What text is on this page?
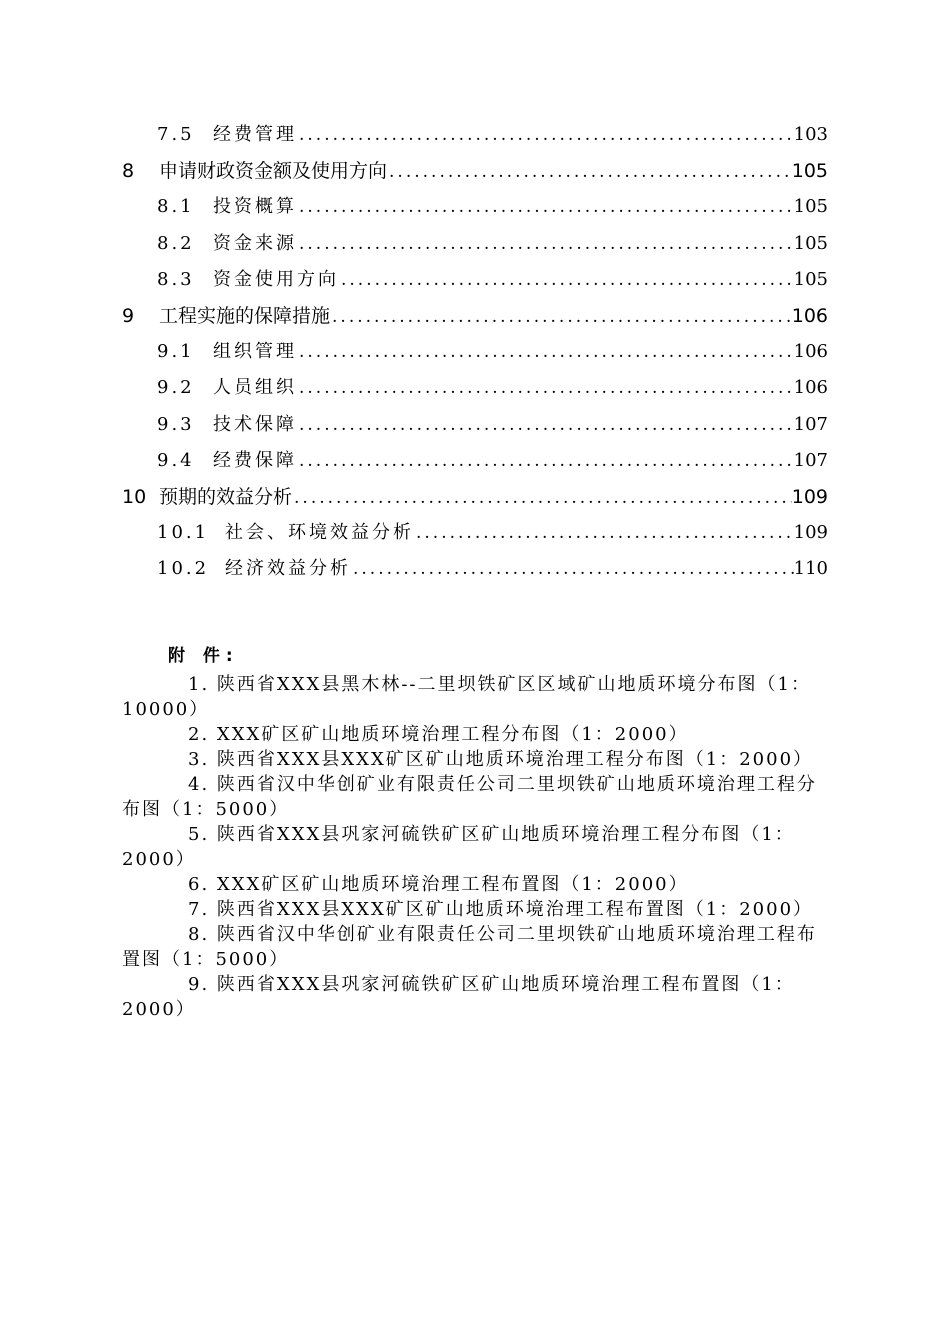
7.5	经费管理 .....	103
8	申请财政资金额及使用方向 .....	105
8.1	投资概算 .....	105
8.2	资金来源 .....	105
8.3	资金使用方向 .....	105
9	工程实施的保障措施 .....	106
9.1	组织管理 .....	106
9.2	人员组织 .....	106
9.3	技术保障 .....	107
9.4	经费保障 .....	107
10 预期的效益分析 .....	109
10.1 社会、环境效益分析 .....	109
10.2 经济效益分析 .....	110
附 件:
1. 陕西省XXX县黑木林--二里坝铁矿区区域矿山地质环境分布图（1：10000）
2. XXX矿区矿山地质环境治理工程分布图（1：2000）
3. 陕西省XXX县XXX矿区矿山地质环境治理工程分布图（1：2000）
4. 陕西省汉中华创矿业有限责任公司二里坝铁矿山地质环境治理工程分布图（1：5000）
5. 陕西省XXX县巩家河硫铁矿区矿山地质环境治理工程分布图（1：2000）
6. XXX矿区矿山地质环境治理工程布置图（1：2000）
7. 陕西省XXX县XXX矿区矿山地质环境治理工程布置图（1：2000）
8. 陕西省汉中华创矿业有限责任公司二里坝铁矿山地质环境治理工程布置图（1：5000）
9. 陕西省XXX县巩家河硫铁矿区矿山地质环境治理工程布置图（1：2000）
